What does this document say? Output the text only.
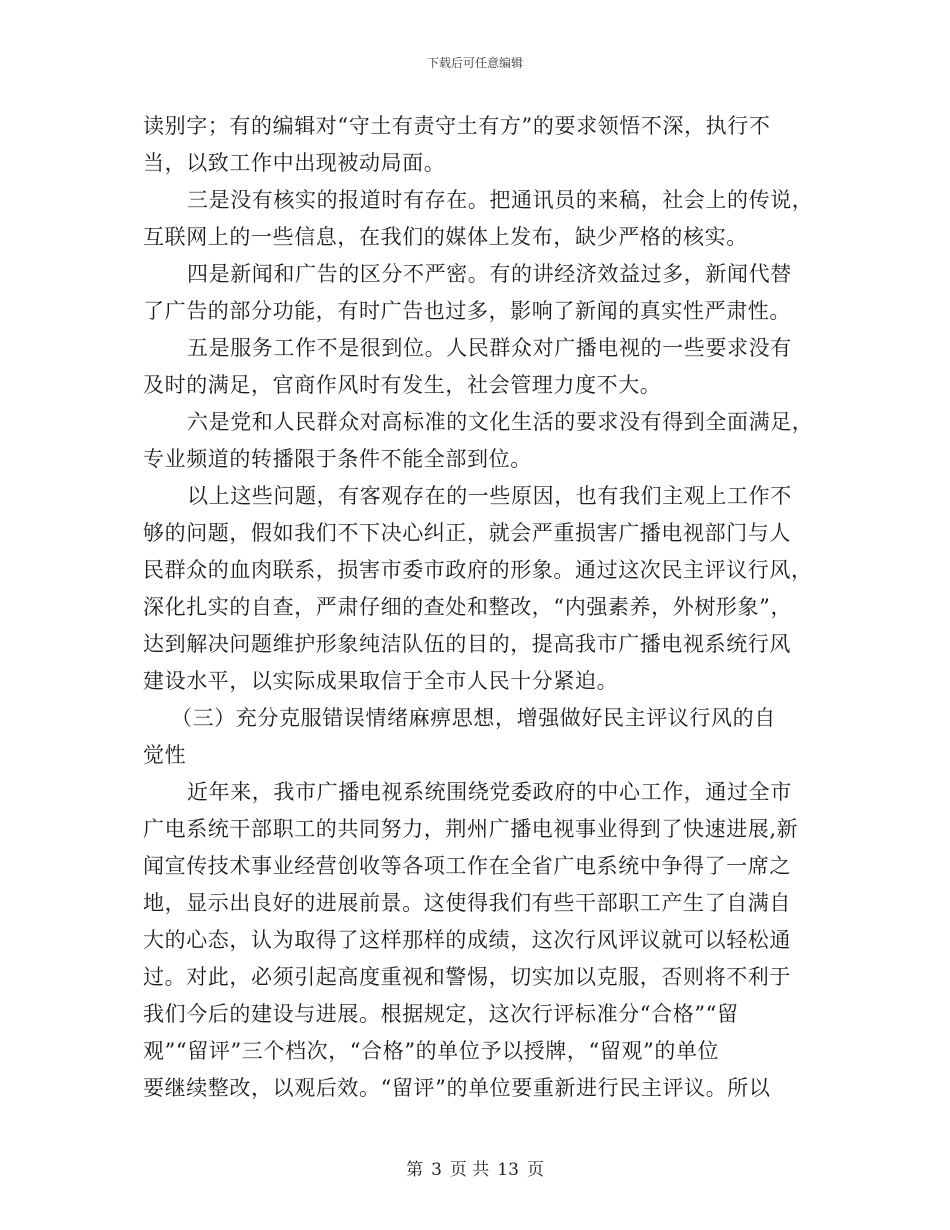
下载后可任意编辑
读别字；有的编辑对“守土有责守土有方”的要求领悟不深，执行不
当，以致工作中出现被动局面。
三是没有核实的报道时有存在。把通讯员的来稿，社会上的传说，
互联网上的一些信息，在我们的媒体上发布，缺少严格的核实。
四是新闻和广告的区分不严密。有的讲经济效益过多，新闻代替
了广告的部分功能，有时广告也过多，影响了新闻的真实性严肃性。
五是服务工作不是很到位。人民群众对广播电视的一些要求没有
及时的满足，官商作风时有发生，社会管理力度不大。
六是党和人民群众对高标准的文化生活的要求没有得到全面满足，
专业频道的转播限于条件不能全部到位。
以上这些问题，有客观存在的一些原因，也有我们主观上工作不
够的问题，假如我们不下决心纠正，就会严重损害广播电视部门与人
民群众的血肉联系，损害市委市政府的形象。通过这次民主评议行风，
深化扎实的自查，严肃仔细的查处和整改，“内强素养，外树形象”，
达到解决问题维护形象纯洁队伍的目的，提高我市广播电视系统行风
建设水平，以实际成果取信于全市人民十分紧迫。
（三）充分克服错误情绪麻痹思想，增强做好民主评议行风的自
觉性
近年来，我市广播电视系统围绕党委政府的中心工作，通过全市
广电系统干部职工的共同努力，荆州广播电视事业得到了快速进展,新
闻宣传技术事业经营创收等各项工作在全省广电系统中争得了一席之
地，显示出良好的进展前景。这使得我们有些干部职工产生了自满自
大的心态，认为取得了这样那样的成绩，这次行风评议就可以轻松通
过。对此，必须引起高度重视和警惕，切实加以克服，否则将不利于
我们今后的建设与进展。根据规定，这次行评标准分“合格”“留
观”“留评”三个档次，“合格”的单位予以授牌，“留观”的单位
要继续整改，以观后效。“留评”的单位要重新进行民主评议。所以
第 3 页 共 13 页
